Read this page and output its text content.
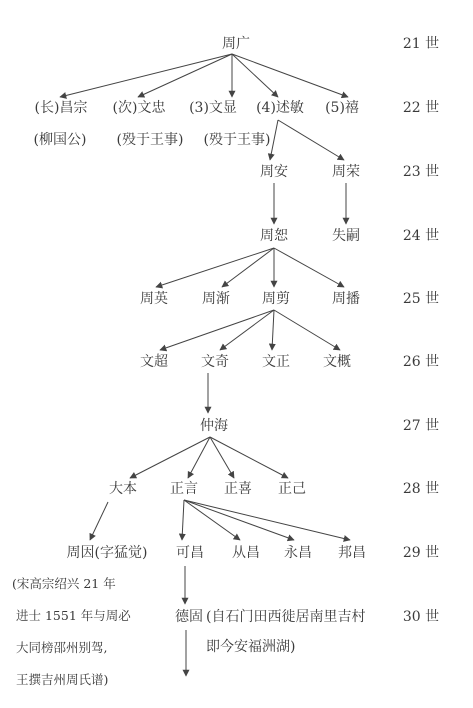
21 世
22 世
23 世
24 世
25 世
26 世
27 世
28 世
29 世
30 世
周广
(长)昌宗 (次)文忠 (3)文显 (4)述敏 (5)禧
(柳国公) (殁于王事) (殁于王事)
周安	周荣
周恕	失嗣
周英 周渐 周剪	周播
文超 文奇 文正 文概
仲海
大本 正言 正喜 正己
周因(字猛觉) 可昌 从昌 永昌 邦昌
德固 (自石门田西徙居南里吉村
即今安福洲湖)
(宋高宗绍兴 21 年
进士 1551 年与周必
大同榜邵州别驾,
王撰吉州周氏谱)
